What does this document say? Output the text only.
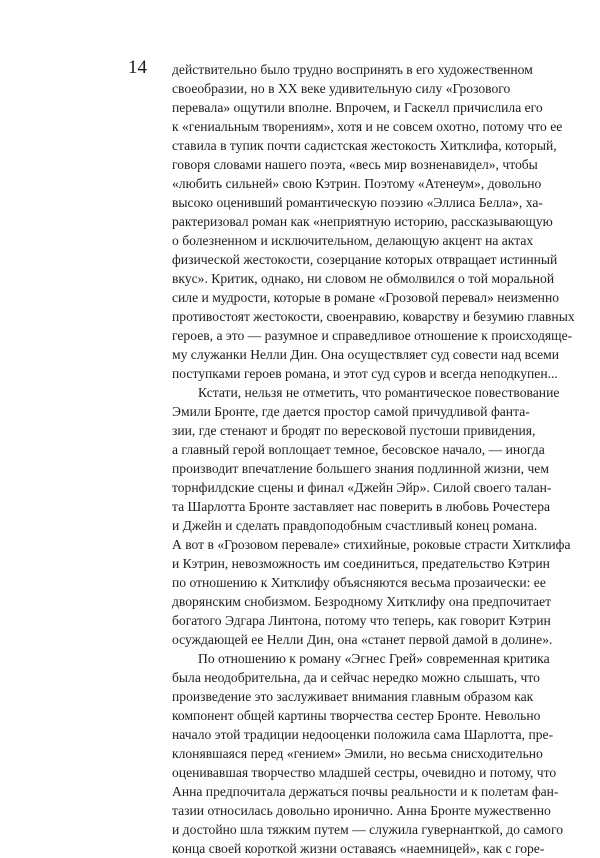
14 действительно было трудно воспринять в его художественном
своеобразии, но в XX веке удивительную силу «Грозового
перевала» ощутили вполне. Впрочем, и Гаскелл причислила его
к «гениальным творениям», хотя и не совсем охотно, потому что ее
ставила в тупик почти садистская жестокость Хитклифа, который,
говоря словами нашего поэта, «весь мир возненавидел», чтобы
«любить сильней» свою Кэтрин. Поэтому «Атенеум», довольно
высоко оценивший романтическую поэзию «Эллиса Белла», ха-
рактеризовал роман как «неприятную историю, рассказывающую
о болезненном и исключительном, делающую акцент на актах
физической жестокости, созерцание которых отвращает истинный
вкус». Критик, однако, ни словом не обмолвился о той моральной
силе и мудрости, которые в романе «Грозовой перевал» неизменно
противостоят жестокости, своенравию, коварству и безумию главных
героев, а это — разумное и справедливое отношение к происходяще-
му служанки Нелли Дин. Она осуществляет суд совести над всеми
поступками героев романа, и этот суд суров и всегда неподкупен...
Кстати, нельзя не отметить, что романтическое повествование
Эмили Бронте, где дается простор самой причудливой фанта-
зии, где стенают и бродят по вересковой пустоши привидения,
а главный герой воплощает темное, бесовское начало, — иногда
производит впечатление большего знания подлинной жизни, чем
торнфилдские сцены и финал «Джейн Эйр». Силой своего талан-
та Шарлотта Бронте заставляет нас поверить в любовь Рочестера
и Джейн и сделать правдоподобным счастливый конец романа.
А вот в «Грозовом перевале» стихийные, роковые страсти Хитклифа
и Кэтрин, невозможность им соединиться, предательство Кэтрин
по отношению к Хитклифу объясняются весьма прозаически: ее
дворянским снобизмом. Безродному Хитклифу она предпочитает
богатого Эдгара Линтона, потому что теперь, как говорит Кэтрин
осуждающей ее Нелли Дин, она «станет первой дамой в долине».
По отношению к роману «Эгнес Грей» современная критика
была неодобрительна, да и сейчас нередко можно слышать, что
произведение это заслуживает внимания главным образом как
компонент общей картины творчества сестер Бронте. Невольно
начало этой традиции недооценки положила сама Шарлотта, пре-
клонявшаяся перед «гением» Эмили, но весьма снисходительно
оценивавшая творчество младшей сестры, очевидно и потому, что
Анна предпочитала держаться почвы реальности и к полетам фан-
тазии относилась довольно иронично. Анна Бронте мужественно
и достойно шла тяжким путем — служила гувернанткой, до самого
конца своей короткой жизни оставаясь «наемницей», как с горе-
